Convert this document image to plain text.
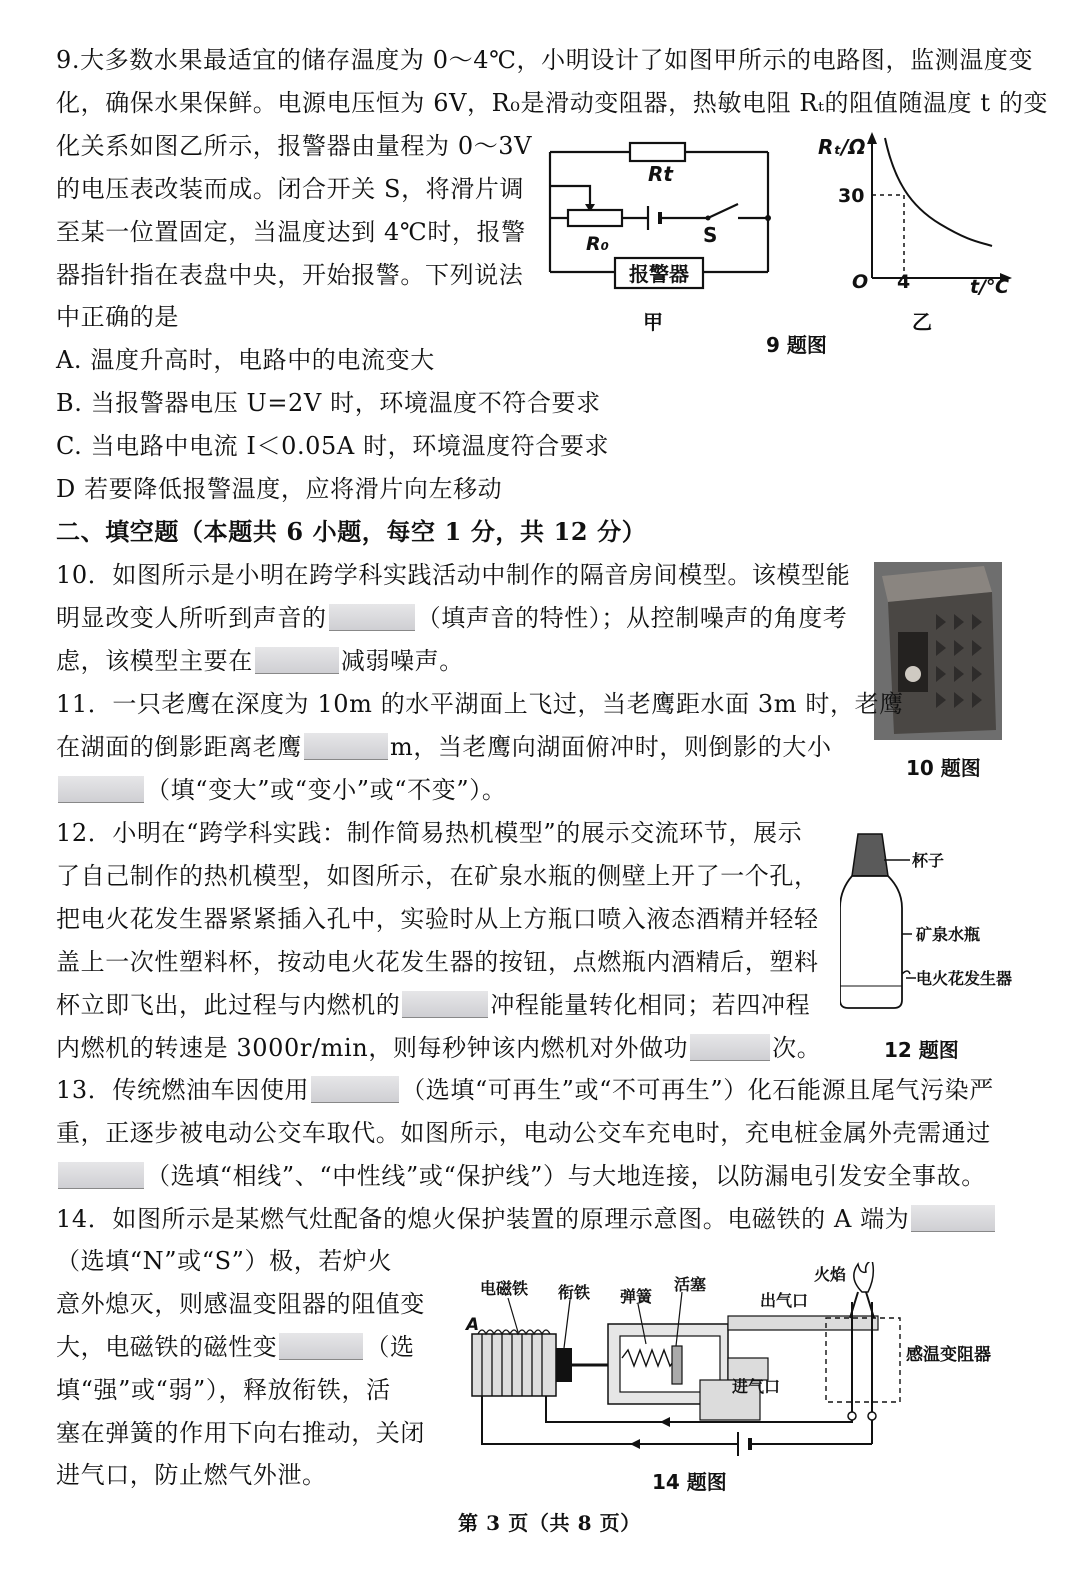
9.大多数水果最适宜的储存温度为 0～4℃，小明设计了如图甲所示的电路图，监测温度变
化，确保水果保鲜。电源电压恒为 6V，R₀是滑动变阻器，热敏电阻 Rₜ的阻值随温度 t 的变
化关系如图乙所示，报警器由量程为 0～3V
的电压表改装而成。闭合开关 S，将滑片调
至某一位置固定，当温度达到 4℃时，报警
器指针指在表盘中央，开始报警。下列说法
中正确的是
报警器
Rt
R₀	S
甲
Rₜ/Ω
30
O 4	t/℃
乙
9 题图
A. 温度升高时，电路中的电流变大
B. 当报警器电压 U=2V 时，环境温度不符合要求
C. 当电路中电流 I＜0.05A 时，环境温度符合要求
D 若要降低报警温度，应将滑片向左移动
二、填空题（本题共 6 小题，每空 1 分，共 12 分）
10．如图所示是小明在跨学科实践活动中制作的隔音房间模型。该模型能
明显改变人所听到声音的	（填声音的特性）；从控制噪声的角度考
虑，该模型主要在	减弱噪声。
10 题图
11．一只老鹰在深度为 10m 的水平湖面上飞过，当老鹰距水面 3m 时，老鹰
在湖面的倒影距离老鹰	m，当老鹰向湖面俯冲时，则倒影的大小
（填“变大”或“变小”或“不变”）。
12．小明在“跨学科实践：制作简易热机模型”的展示交流环节，展示
了自己制作的热机模型，如图所示，在矿泉水瓶的侧壁上开了一个孔，
把电火花发生器紧紧插入孔中，实验时从上方瓶口喷入液态酒精并轻轻
盖上一次性塑料杯，按动电火花发生器的按钮，点燃瓶内酒精后，塑料
杯立即飞出，此过程与内燃机的	冲程能量转化相同；若四冲程
内燃机的转速是 3000r/min，则每秒钟该内燃机对外做功	次。
杯子
矿泉水瓶
电火花发生器
12 题图
13．传统燃油车因使用	（选填“可再生”或“不可再生”）化石能源且尾气污染严
重，正逐步被电动公交车取代。如图所示，电动公交车充电时，充电桩金属外壳需通过
（选填“相线”、“中性线”或“保护线”）与大地连接，以防漏电引发安全事故。
14．如图所示是某燃气灶配备的熄火保护装置的原理示意图。电磁铁的 A 端为
（选填“N”或“S”）极，若炉火
意外熄灭，则感温变阻器的阻值变
大，电磁铁的磁性变	（选
填“强”或“弱”），释放衔铁，活
塞在弹簧的作用下向右推动，关闭
进气口，防止燃气外泄。
电磁铁 衔铁 弹簧
活塞
火焰
出气口
进气口
感温变阻器
A
14 题图
第 3 页（共 8 页）
